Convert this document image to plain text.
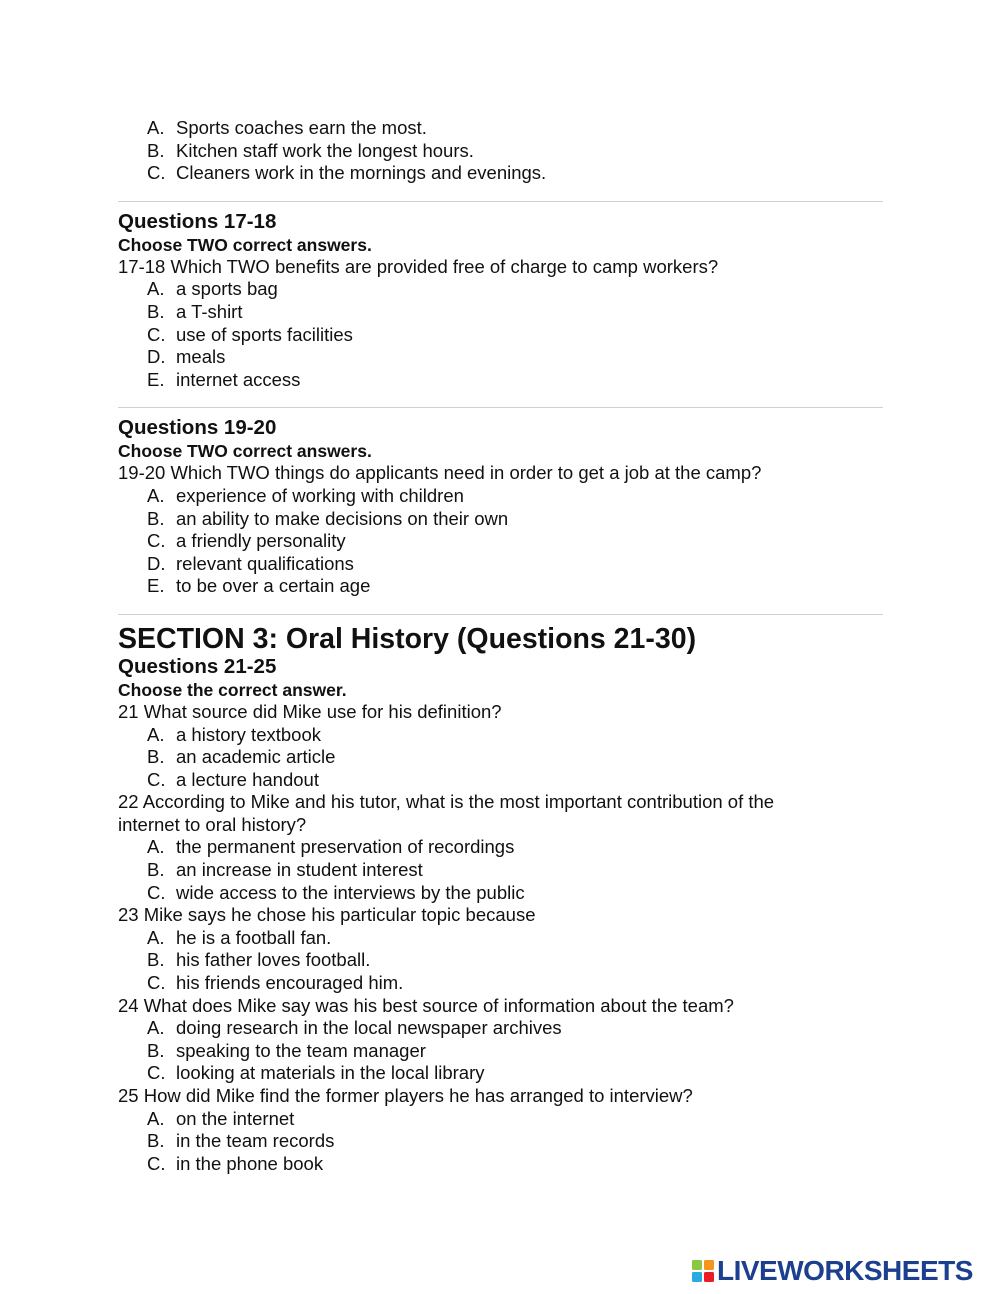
A. Sports coaches earn the most.
B. Kitchen staff work the longest hours.
C. Cleaners work in the mornings and evenings.
Questions 17-18
Choose TWO correct answers.
17-18 Which TWO benefits are provided free of charge to camp workers?
A. a sports bag
B. a T-shirt
C. use of sports facilities
D. meals
E. internet access
Questions 19-20
Choose TWO correct answers.
19-20 Which TWO things do applicants need in order to get a job at the camp?
A. experience of working with children
B. an ability to make decisions on their own
C. a friendly personality
D. relevant qualifications
E. to be over a certain age
SECTION 3: Oral History (Questions 21-30)
Questions 21-25
Choose the correct answer.
21 What source did Mike use for his definition?
A. a history textbook
B. an academic article
C. a lecture handout
22 According to Mike and his tutor, what is the most important contribution of the internet to oral history?
A. the permanent preservation of recordings
B. an increase in student interest
C. wide access to the interviews by the public
23 Mike says he chose his particular topic because
A. he is a football fan.
B. his father loves football.
C. his friends encouraged him.
24 What does Mike say was his best source of information about the team?
A. doing research in the local newspaper archives
B. speaking to the team manager
C. looking at materials in the local library
25 How did Mike find the former players he has arranged to interview?
A. on the internet
B. in the team records
C. in the phone book
LIVEWORKSHEETS
